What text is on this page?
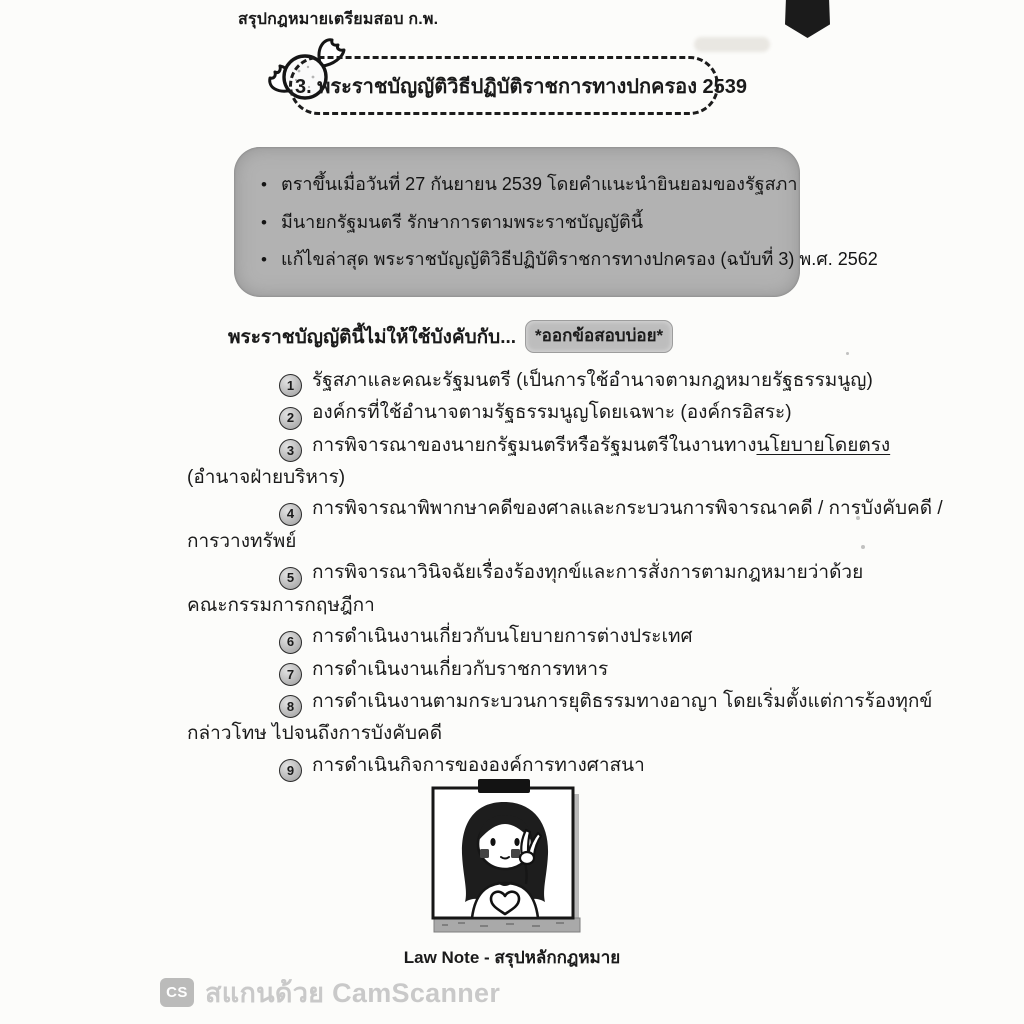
สรุปกฎหมายเตรียมสอบ ก.พ.
3. พระราชบัญญัติวิธีปฏิบัติราชการทางปกครอง 2539

• ตราขึ้นเมื่อวันที่ 27 กันยายน 2539 โดยคำแนะนำยินยอมของรัฐสภา

• มีนายกรัฐมนตรี รักษาการตามพระราชบัญญัตินี้

• แก้ไขล่าสุด พระราชบัญญัติวิธีปฏิบัติราชการทางปกครอง (ฉบับที่ 3) พ.ศ. 2562

พระราชบัญญัตินี้ไม่ให้ใช้บังคับกับ...	*ออกข้อสอบบ่อย*

1 รัฐสภาและคณะรัฐมนตรี (เป็นการใช้อำนาจตามกฎหมายรัฐธรรมนูญ)

2 องค์กรที่ใช้อำนาจตามรัฐธรรมนูญโดยเฉพาะ (องค์กรอิสระ)

3 การพิจารณาของนายกรัฐมนตรีหรือรัฐมนตรีในงานทางนโยบายโดยตรง
(อำนาจฝ่ายบริหาร)

4 การพิจารณาพิพากษาคดีของศาลและกระบวนการพิจารณาคดี / การบังคับคดี /
การวางทรัพย์

5 การพิจารณาวินิจฉัยเรื่องร้องทุกข์และการสั่งการตามกฎหมายว่าด้วย
คณะกรรมการกฤษฎีกา

6 การดำเนินงานเกี่ยวกับนโยบายการต่างประเทศ

7 การดำเนินงานเกี่ยวกับราชการทหาร

8 การดำเนินงานตามกระบวนการยุติธรรมทางอาญา โดยเริ่มตั้งแต่การร้องทุกข์
กล่าวโทษ ไปจนถึงการบังคับคดี

9 การดำเนินกิจการขององค์การทางศาสนา

Law Note - สรุปหลักกฎหมาย
CS สแกนด้วย CamScanner
